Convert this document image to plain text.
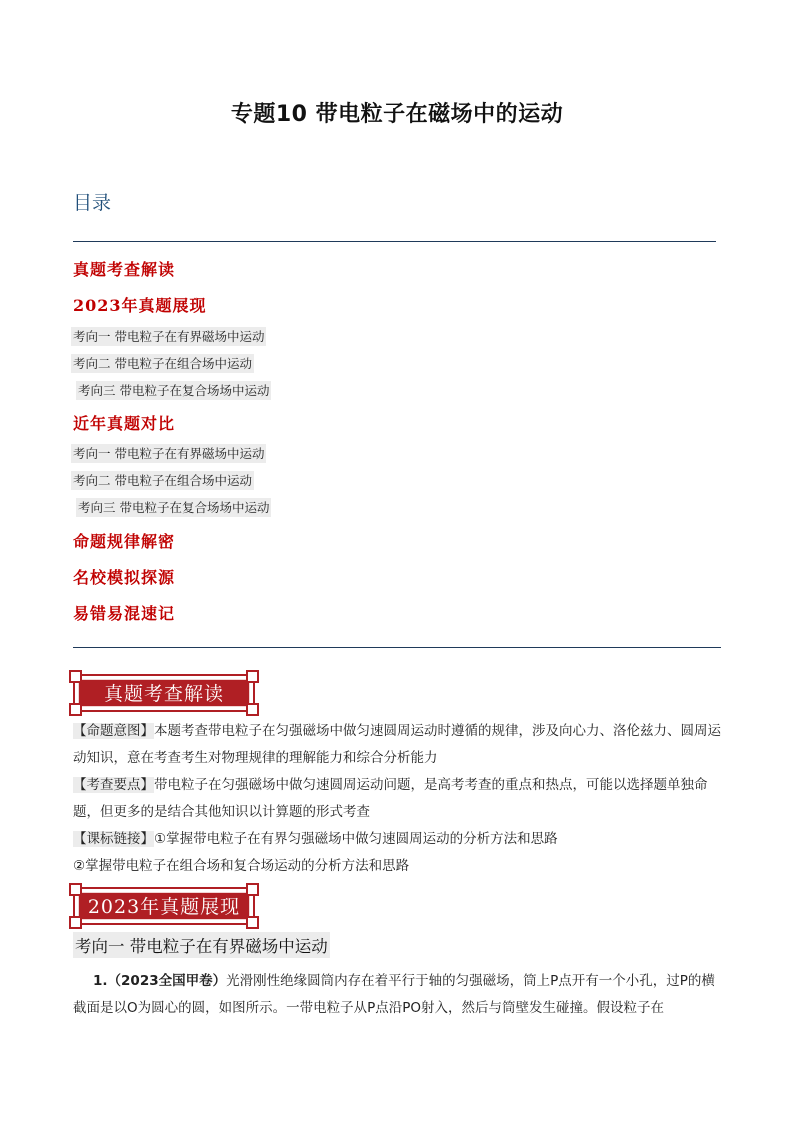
专题10 带电粒子在磁场中的运动
目录
真题考查解读
2023年真题展现
考向一 带电粒子在有界磁场中运动
考向二 带电粒子在组合场中运动
考向三 带电粒子在复合场场中运动
近年真题对比
考向一 带电粒子在有界磁场中运动
考向二 带电粒子在组合场中运动
考向三 带电粒子在复合场场中运动
命题规律解密
名校模拟探源
易错易混速记
真题考查解读
【命题意图】本题考查带电粒子在匀强磁场中做匀速圆周运动时遵循的规律，涉及向心力、洛伦兹力、圆周运动知识，意在考查考生对物理规律的理解能力和综合分析能力
【考查要点】带电粒子在匀强磁场中做匀速圆周运动问题，是高考考查的重点和热点，可能以选择题单独命题，但更多的是结合其他知识以计算题的形式考查
【课标链接】①掌握带电粒子在有界匀强磁场中做匀速圆周运动的分析方法和思路
②掌握带电粒子在组合场和复合场运动的分析方法和思路
2023年真题展现
考向一 带电粒子在有界磁场中运动
1.（2023全国甲卷）光滑刚性绝缘圆筒内存在着平行于轴的匀强磁场，筒上P点开有一个小孔，过P的横截面是以O为圆心的圆，如图所示。一带电粒子从P点沿PO射入，然后与筒壁发生碰撞。假设粒子在
